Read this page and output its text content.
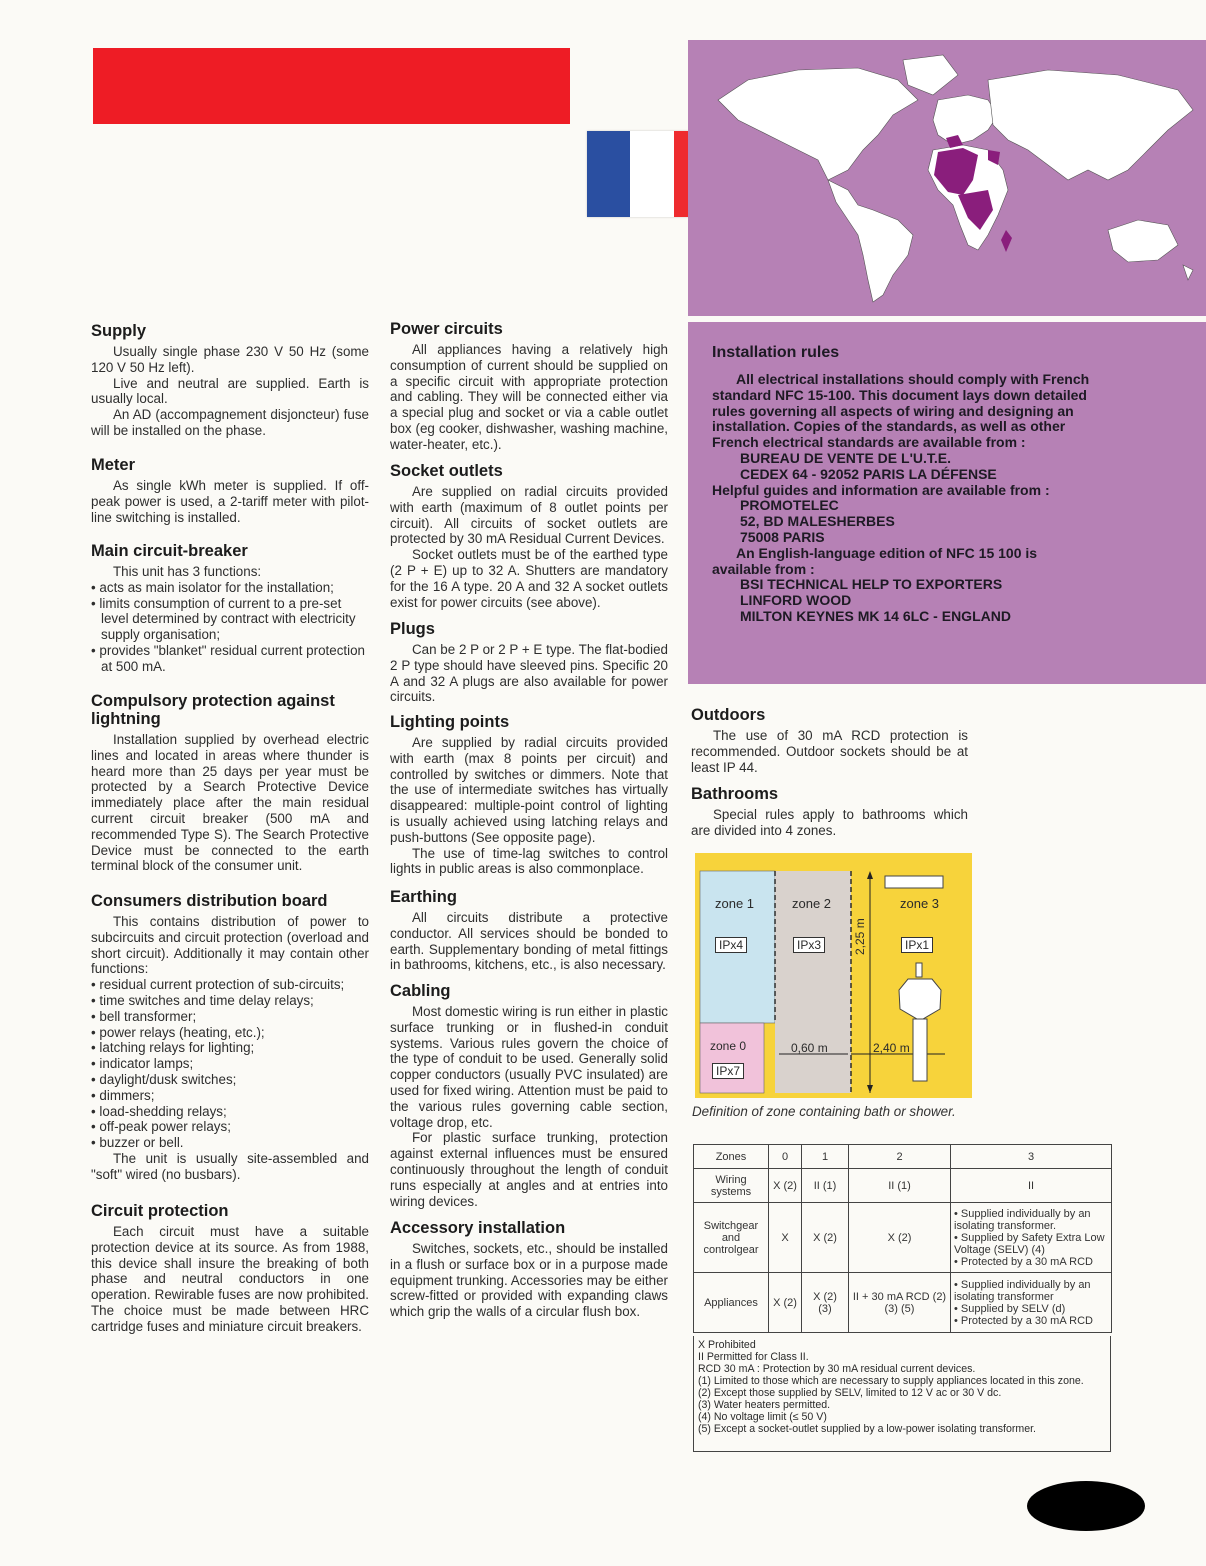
Installation rules
All electrical installations should comply with French standard NFC 15-100. This document lays down detailed rules governing all aspects of wiring and designing an installation. Copies of the standards, as well as other French electrical standards are available from :
BUREAU DE VENTE DE L'U.T.E.
CEDEX 64 - 92052 PARIS LA DÉFENSE
Helpful guides and information are available from :
PROMOTELEC
52, BD MALESHERBES
75008 PARIS
An English-language edition of NFC 15 100 is available from :
BSI TECHNICAL HELP TO EXPORTERS
LINFORD WOOD
MILTON KEYNES MK 14 6LC - ENGLAND
Supply

Usually single phase 230 V 50 Hz (some 120 V 50 Hz left).

Live and neutral are supplied. Earth is usually local.

An AD (accompagnement disjoncteur) fuse will be installed on the phase.

Meter

As single kWh meter is supplied. If off-peak power is used, a 2-tariff meter with pilot-line switching is installed.

Main circuit-breaker

This unit has 3 functions:

• acts as main isolator for the installation;
• limits consumption of current to a pre-set level determined by contract with electricity supply organisation;
• provides "blanket" residual current protection at 500 mA.
Compulsory protection against lightning

Installation supplied by overhead electric lines and located in areas where thunder is heard more than 25 days per year must be protected by a Search Protective Device immediately place after the main residual current circuit breaker (500 mA and recommended Type S). The Search Protective Device must be connected to the earth terminal block of the consumer unit.

Consumers distribution board

This contains distribution of power to subcircuits and circuit protection (overload and short circuit). Additionally it may contain other functions:

• residual current protection of sub-circuits;
• time switches and time delay relays;
• bell transformer;
• power relays (heating, etc.);
• latching relays for lighting;
• indicator lamps;
• daylight/dusk switches;
• dimmers;
• load-shedding relays;
• off-peak power relays;
• buzzer or bell.

The unit is usually site-assembled and "soft" wired (no busbars).

Circuit protection

Each circuit must have a suitable protection device at its source. As from 1988, this device shall insure the breaking of both phase and neutral conductors in one operation. Rewirable fuses are now prohibited. The choice must be made between HRC cartridge fuses and miniature circuit breakers.

Power circuits

All appliances having a relatively high consumption of current should be supplied on a specific circuit with appropriate protection and cabling. They will be connected either via a special plug and socket or via a cable outlet box (eg cooker, dishwasher, washing machine, water-heater, etc.).

Socket outlets

Are supplied on radial circuits provided with earth (maximum of 8 outlet points per circuit). All circuits of socket outlets are protected by 30 mA Residual Current Devices.

Socket outlets must be of the earthed type (2 P + E) up to 32 A. Shutters are mandatory for the 16 A type. 20 A and 32 A socket outlets exist for power circuits (see above).

Plugs

Can be 2 P or 2 P + E type. The flat-bodied 2 P type should have sleeved pins. Specific 20 A and 32 A plugs are also available for power circuits.

Lighting points

Are supplied by radial circuits provided with earth (max 8 points per circuit) and controlled by switches or dimmers. Note that the use of intermediate switches has virtually disappeared: multiple-point control of lighting is usually achieved using latching relays and push-buttons (See opposite page).

The use of time-lag switches to control lights in public areas is also commonplace.

Earthing

All circuits distribute a protective conductor. All services should be bonded to earth. Supplementary bonding of metal fittings in bathrooms, kitchens, etc., is also necessary.

Cabling

Most domestic wiring is run either in plastic surface trunking or in flushed-in conduit systems. Various rules govern the choice of the type of conduit to be used. Generally solid copper conductors (usually PVC insulated) are used for fixed wiring. Attention must be paid to the various rules governing cable section, voltage drop, etc.

For plastic surface trunking, protection against external influences must be ensured continuously throughout the length of conduit runs especially at angles and at entries into wiring devices.

Accessory installation

Switches, sockets, etc., should be installed in a flush or surface box or in a purpose made equipment trunking. Accessories may be either screw-fitted or provided with expanding claws which grip the walls of a circular flush box.

Outdoors

The use of 30 mA RCD protection is recommended. Outdoor sockets should be at least IP 44.

Bathrooms

Special rules apply to bathrooms which are divided into 4 zones.

zone 1
IPx4
zone 2
IPx3
zone 3
IPx1
zone 0
IPx7
2,25 m
0,60 m	2,40 m
Definition of zone containing bath or shower.
Zones	0	1	2	3
Wiring systems	X (2)	II (1)	II (1)	II
Switchgear and controlgear	X	X (2)	X (2)	• Supplied individually by an isolating transformer.
• Supplied by Safety Extra Low Voltage (SELV) (4)
• Protected by a 30 mA RCD

Appliances	X (2)	X (2) (3)	II + 30 mA RCD (2) (3) (5)	• Supplied individually by an isolating transformer
• Supplied by SELV (d)
• Protected by a 30 mA RCD
X Prohibited
II Permitted for Class II.
RCD 30 mA : Protection by 30 mA residual current devices.
(1) Limited to those which are necessary to supply appliances located in this zone.
(2) Except those supplied by SELV, limited to 12 V ac or 30 V dc.
(3) Water heaters permitted.
(4) No voltage limit (≤ 50 V)
(5) Except a socket-outlet supplied by a low-power isolating transformer.
